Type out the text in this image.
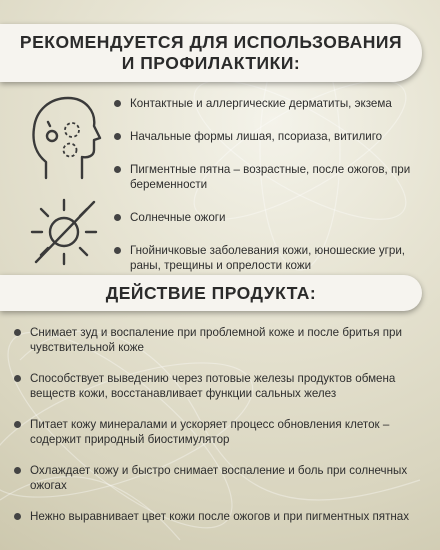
РЕКОМЕНДУЕТСЯ ДЛЯ ИСПОЛЬЗОВАНИЯ
И ПРОФИЛАКТИКИ:
Контактные и аллергические дерматиты, экзема
Начальные формы лишая, псориаза, витилиго
Пигментные пятна – возрастные, после ожогов, при беременности
Солнечные ожоги
Гнойничковые заболевания кожи, юношеские угри, раны, трещины и опрелости кожи
ДЕЙСТВИЕ ПРОДУКТА:
Снимает зуд и воспаление при проблемной коже и после бритья при чувствительной коже
Способствует выведению через потовые железы продуктов обмена веществ кожи, восстанавливает функции сальных желез
Питает кожу минералами и ускоряет процесс обновления клеток – содержит природный биостимулятор
Охлаждает кожу и быстро снимает воспаление и боль при солнечных ожогах
Нежно выравнивает цвет кожи после ожогов и при пигментных пятнах
